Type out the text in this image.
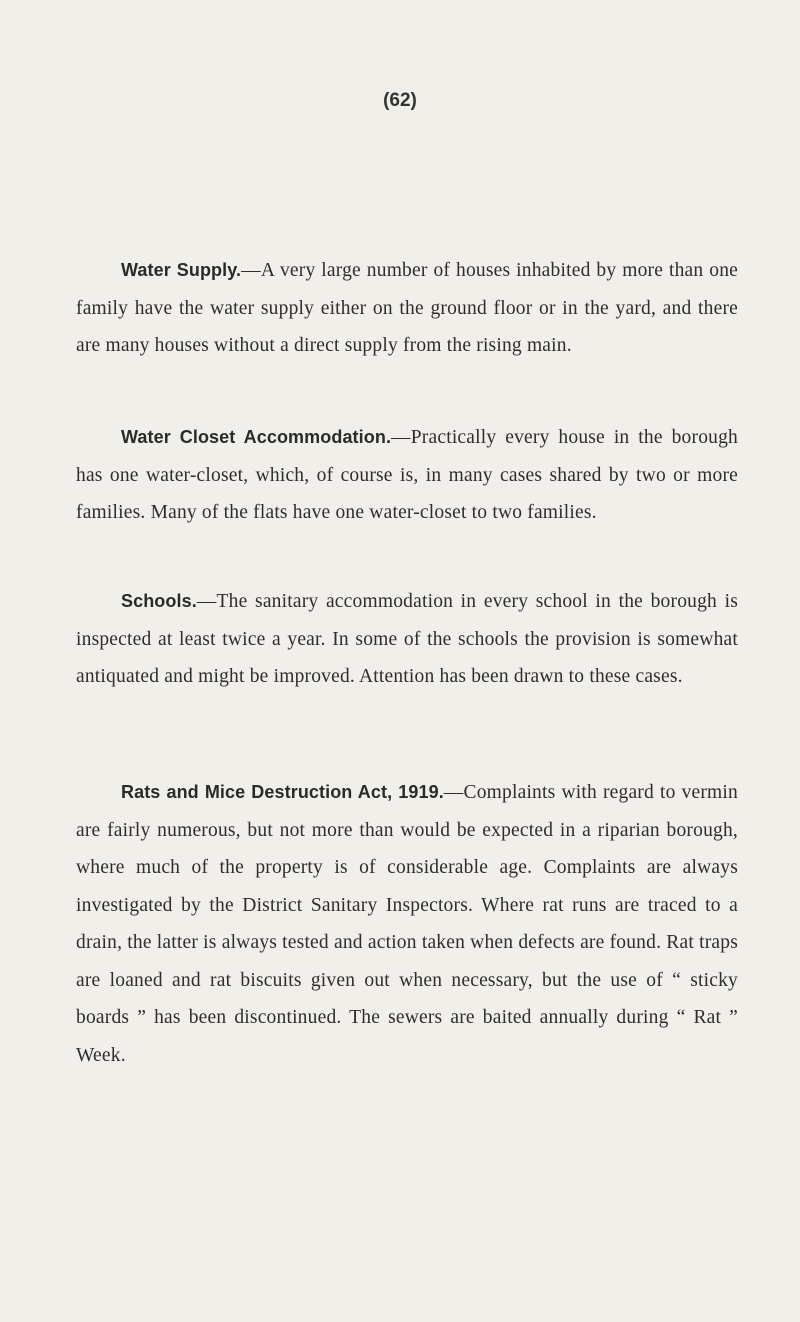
(62)

Water Supply.—A very large number of houses inhabited by more than one family have the water supply either on the ground floor or in the yard, and there are many houses without a direct supply from the rising main.

Water Closet Accommodation.—Practically every house in the borough has one water-closet, which, of course is, in many cases shared by two or more families. Many of the flats have one water-closet to two families.

Schools.—The sanitary accommodation in every school in the borough is inspected at least twice a year. In some of the schools the provision is somewhat antiquated and might be improved. Attention has been drawn to these cases.

Rats and Mice Destruction Act, 1919.—Complaints with regard to vermin are fairly numerous, but not more than would be expected in a riparian borough, where much of the property is of considerable age. Complaints are always investigated by the District Sanitary Inspectors. Where rat runs are traced to a drain, the latter is always tested and action taken when defects are found. Rat traps are loaned and rat biscuits given out when necessary, but the use of “ sticky boards ” has been discontinued. The sewers are baited annually during “ Rat ” Week.
